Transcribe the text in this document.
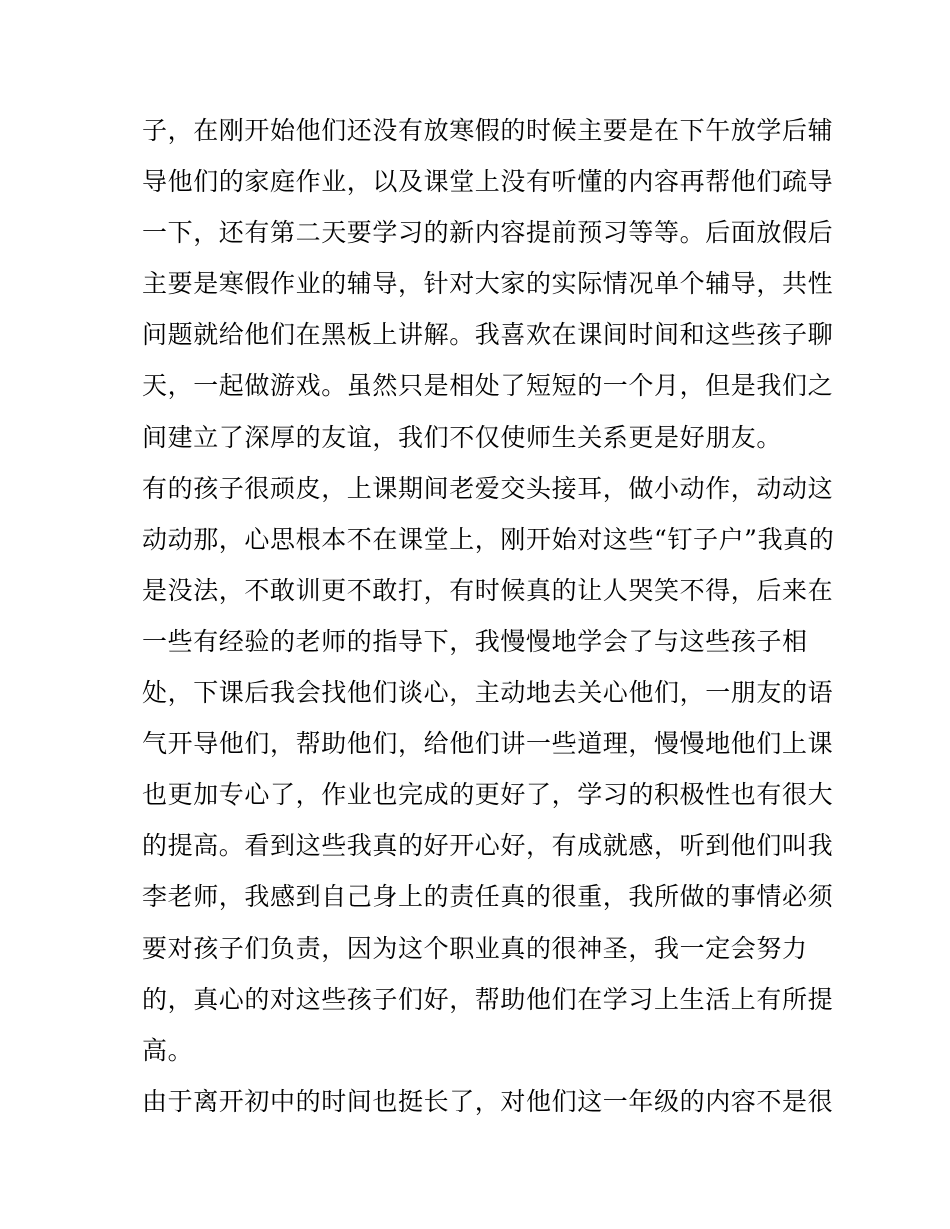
子，在刚开始他们还没有放寒假的时候主要是在下午放学后辅
导他们的家庭作业，以及课堂上没有听懂的内容再帮他们疏导
一下，还有第二天要学习的新内容提前预习等等。后面放假后
主要是寒假作业的辅导，针对大家的实际情况单个辅导，共性
问题就给他们在黑板上讲解。我喜欢在课间时间和这些孩子聊
天，一起做游戏。虽然只是相处了短短的一个月，但是我们之
间建立了深厚的友谊，我们不仅使师生关系更是好朋友。
有的孩子很顽皮，上课期间老爱交头接耳，做小动作，动动这
动动那，心思根本不在课堂上，刚开始对这些“钉子户”我真的
是没法，不敢训更不敢打，有时候真的让人哭笑不得，后来在
一些有经验的老师的指导下，我慢慢地学会了与这些孩子相
处，下课后我会找他们谈心，主动地去关心他们，一朋友的语
气开导他们，帮助他们，给他们讲一些道理，慢慢地他们上课
也更加专心了，作业也完成的更好了，学习的积极性也有很大
的提高。看到这些我真的好开心好，有成就感，听到他们叫我
李老师，我感到自己身上的责任真的很重，我所做的事情必须
要对孩子们负责，因为这个职业真的很神圣，我一定会努力
的，真心的对这些孩子们好，帮助他们在学习上生活上有所提
高。
由于离开初中的时间也挺长了，对他们这一年级的内容不是很
